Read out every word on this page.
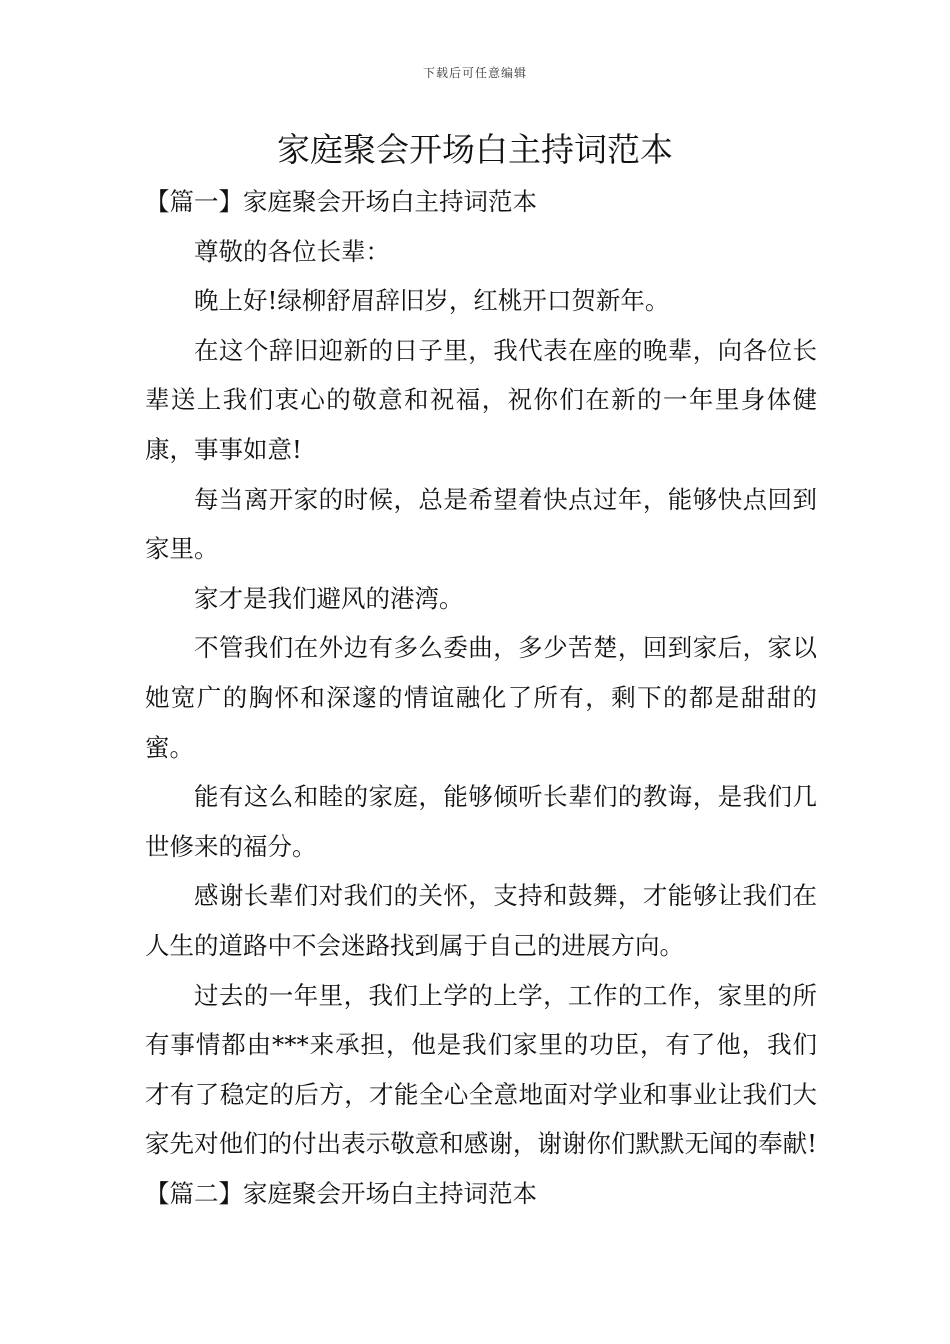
下载后可任意编辑
家庭聚会开场白主持词范本

【篇一】家庭聚会开场白主持词范本

尊敬的各位长辈：

晚上好!绿柳舒眉辞旧岁，红桃开口贺新年。

在这个辞旧迎新的日子里，我代表在座的晚辈，向各位长辈送上我们衷心的敬意和祝福，祝你们在新的一年里身体健康，事事如意!

每当离开家的时候，总是希望着快点过年，能够快点回到家里。

家才是我们避风的港湾。

不管我们在外边有多么委曲，多少苦楚，回到家后，家以她宽广的胸怀和深邃的情谊融化了所有，剩下的都是甜甜的蜜。

能有这么和睦的家庭，能够倾听长辈们的教诲，是我们几世修来的福分。

感谢长辈们对我们的关怀，支持和鼓舞，才能够让我们在人生的道路中不会迷路找到属于自己的进展方向。

过去的一年里，我们上学的上学，工作的工作，家里的所有事情都由***来承担，他是我们家里的功臣，有了他，我们才有了稳定的后方，才能全心全意地面对学业和事业让我们大家先对他们的付出表示敬意和感谢，谢谢你们默默无闻的奉献!【篇二】家庭聚会开场白主持词范本
